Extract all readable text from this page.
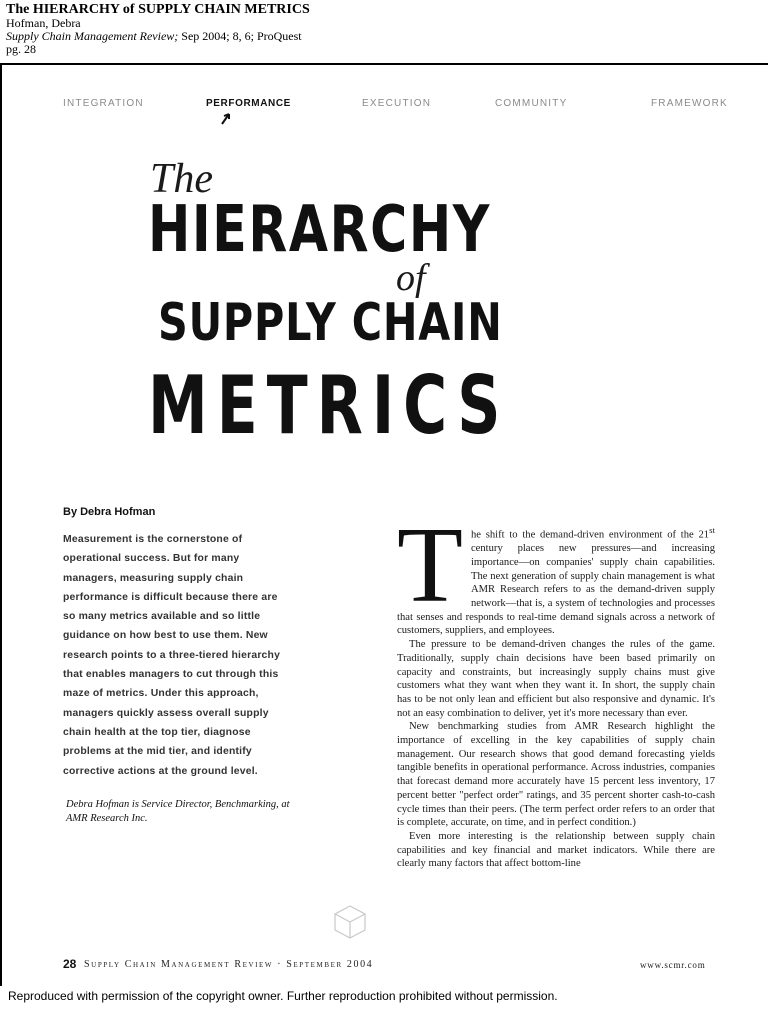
The HIERARCHY of SUPPLY CHAIN METRICS
Hofman, Debra
Supply Chain Management Review; Sep 2004; 8, 6; ProQuest
pg. 28
INTEGRATION	PERFORMANCE	EXECUTION	COMMUNITY	FRAMEWORK
The
HIERARCHY
of
SUPPLY CHAIN
METRICS
By Debra Hofman
Measurement is the cornerstone of operational success. But for many managers, measuring supply chain performance is difficult because there are so many metrics available and so little guidance on how best to use them. New research points to a three-tiered hierarchy that enables managers to cut through this maze of metrics. Under this approach, managers quickly assess overall supply chain health at the top tier, diagnose problems at the mid tier, and identify corrective actions at the ground level.
Debra Hofman is Service Director, Benchmarking, at AMR Research Inc.

The shift to the demand-driven environment of the 21st century places new pressures—and increasing importance—on companies' supply chain capabilities. The next generation of supply chain management is what AMR Research refers to as the demand-driven supply network—that is, a system of technologies and processes that senses and responds to real-time demand signals across a network of customers, suppliers, and employees.

The pressure to be demand-driven changes the rules of the game. Traditionally, supply chain decisions have been based primarily on capacity and constraints, but increasingly supply chains must give customers what they want when they want it. In short, the supply chain has to be not only lean and efficient but also responsive and dynamic. It's not an easy combination to deliver, yet it's more necessary than ever.

New benchmarking studies from AMR Research highlight the importance of excelling in the key capabilities of supply chain management. Our research shows that good demand forecasting yields tangible benefits in operational performance. Across industries, companies that forecast demand more accurately have 15 percent less inventory, 17 percent better "perfect order" ratings, and 35 percent shorter cash-to-cash cycle times than their peers. (The term perfect order refers to an order that is complete, accurate, on time, and in perfect condition.)

Even more interesting is the relationship between supply chain capabilities and key financial and market indicators. While there are clearly many factors that affect bottom-line

28 Supply Chain Management Review · September 2004	www.scmr.com
Reproduced with permission of the copyright owner. Further reproduction prohibited without permission.
